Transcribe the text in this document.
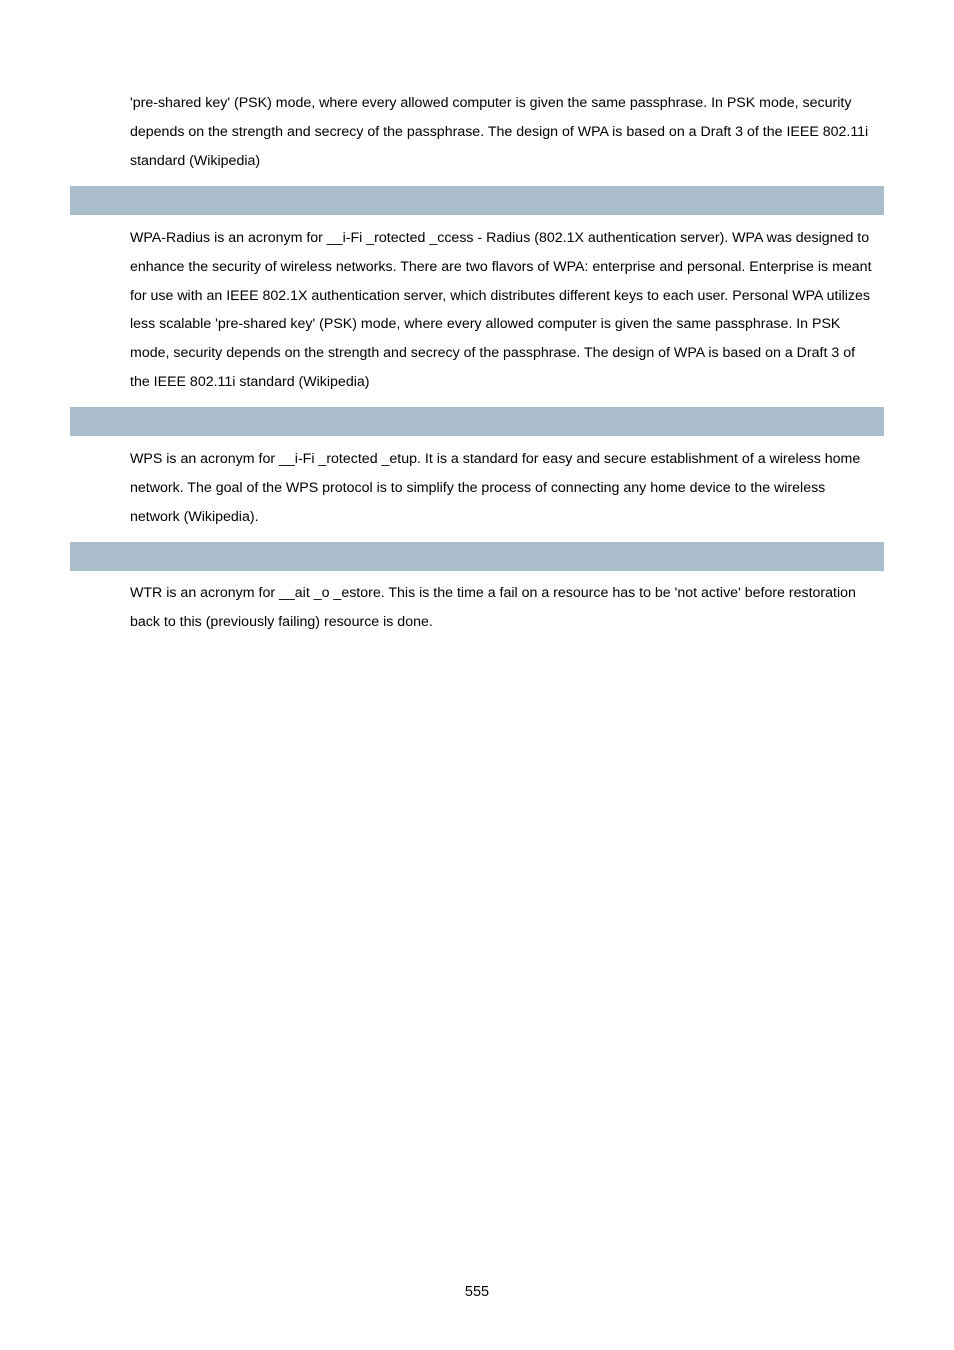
'pre-shared key' (PSK) mode, where every allowed computer is given the same passphrase. In PSK mode, security
depends on the strength and secrecy of the passphrase. The design of WPA is based on a Draft 3 of the IEEE 802.11i
standard (Wikipedia)

WPA-Radius is an acronym for __i-Fi _rotected _ccess - Radius (802.1X authentication server). WPA was designed to
enhance the security of wireless networks. There are two flavors of WPA: enterprise and personal. Enterprise is meant
for use with an IEEE 802.1X authentication server, which distributes different keys to each user. Personal WPA utilizes
less scalable 'pre-shared key' (PSK) mode, where every allowed computer is given the same passphrase. In PSK
mode, security depends on the strength and secrecy of the passphrase. The design of WPA is based on a Draft 3 of
the IEEE 802.11i standard (Wikipedia)

WPS is an acronym for __i-Fi _rotected _etup. It is a standard for easy and secure establishment of a wireless home
network. The goal of the WPS protocol is to simplify the process of connecting any home device to the wireless
network (Wikipedia).

WTR is an acronym for __ait _o _estore. This is the time a fail on a resource has to be 'not active' before restoration
back to this (previously failing) resource is done.

555
